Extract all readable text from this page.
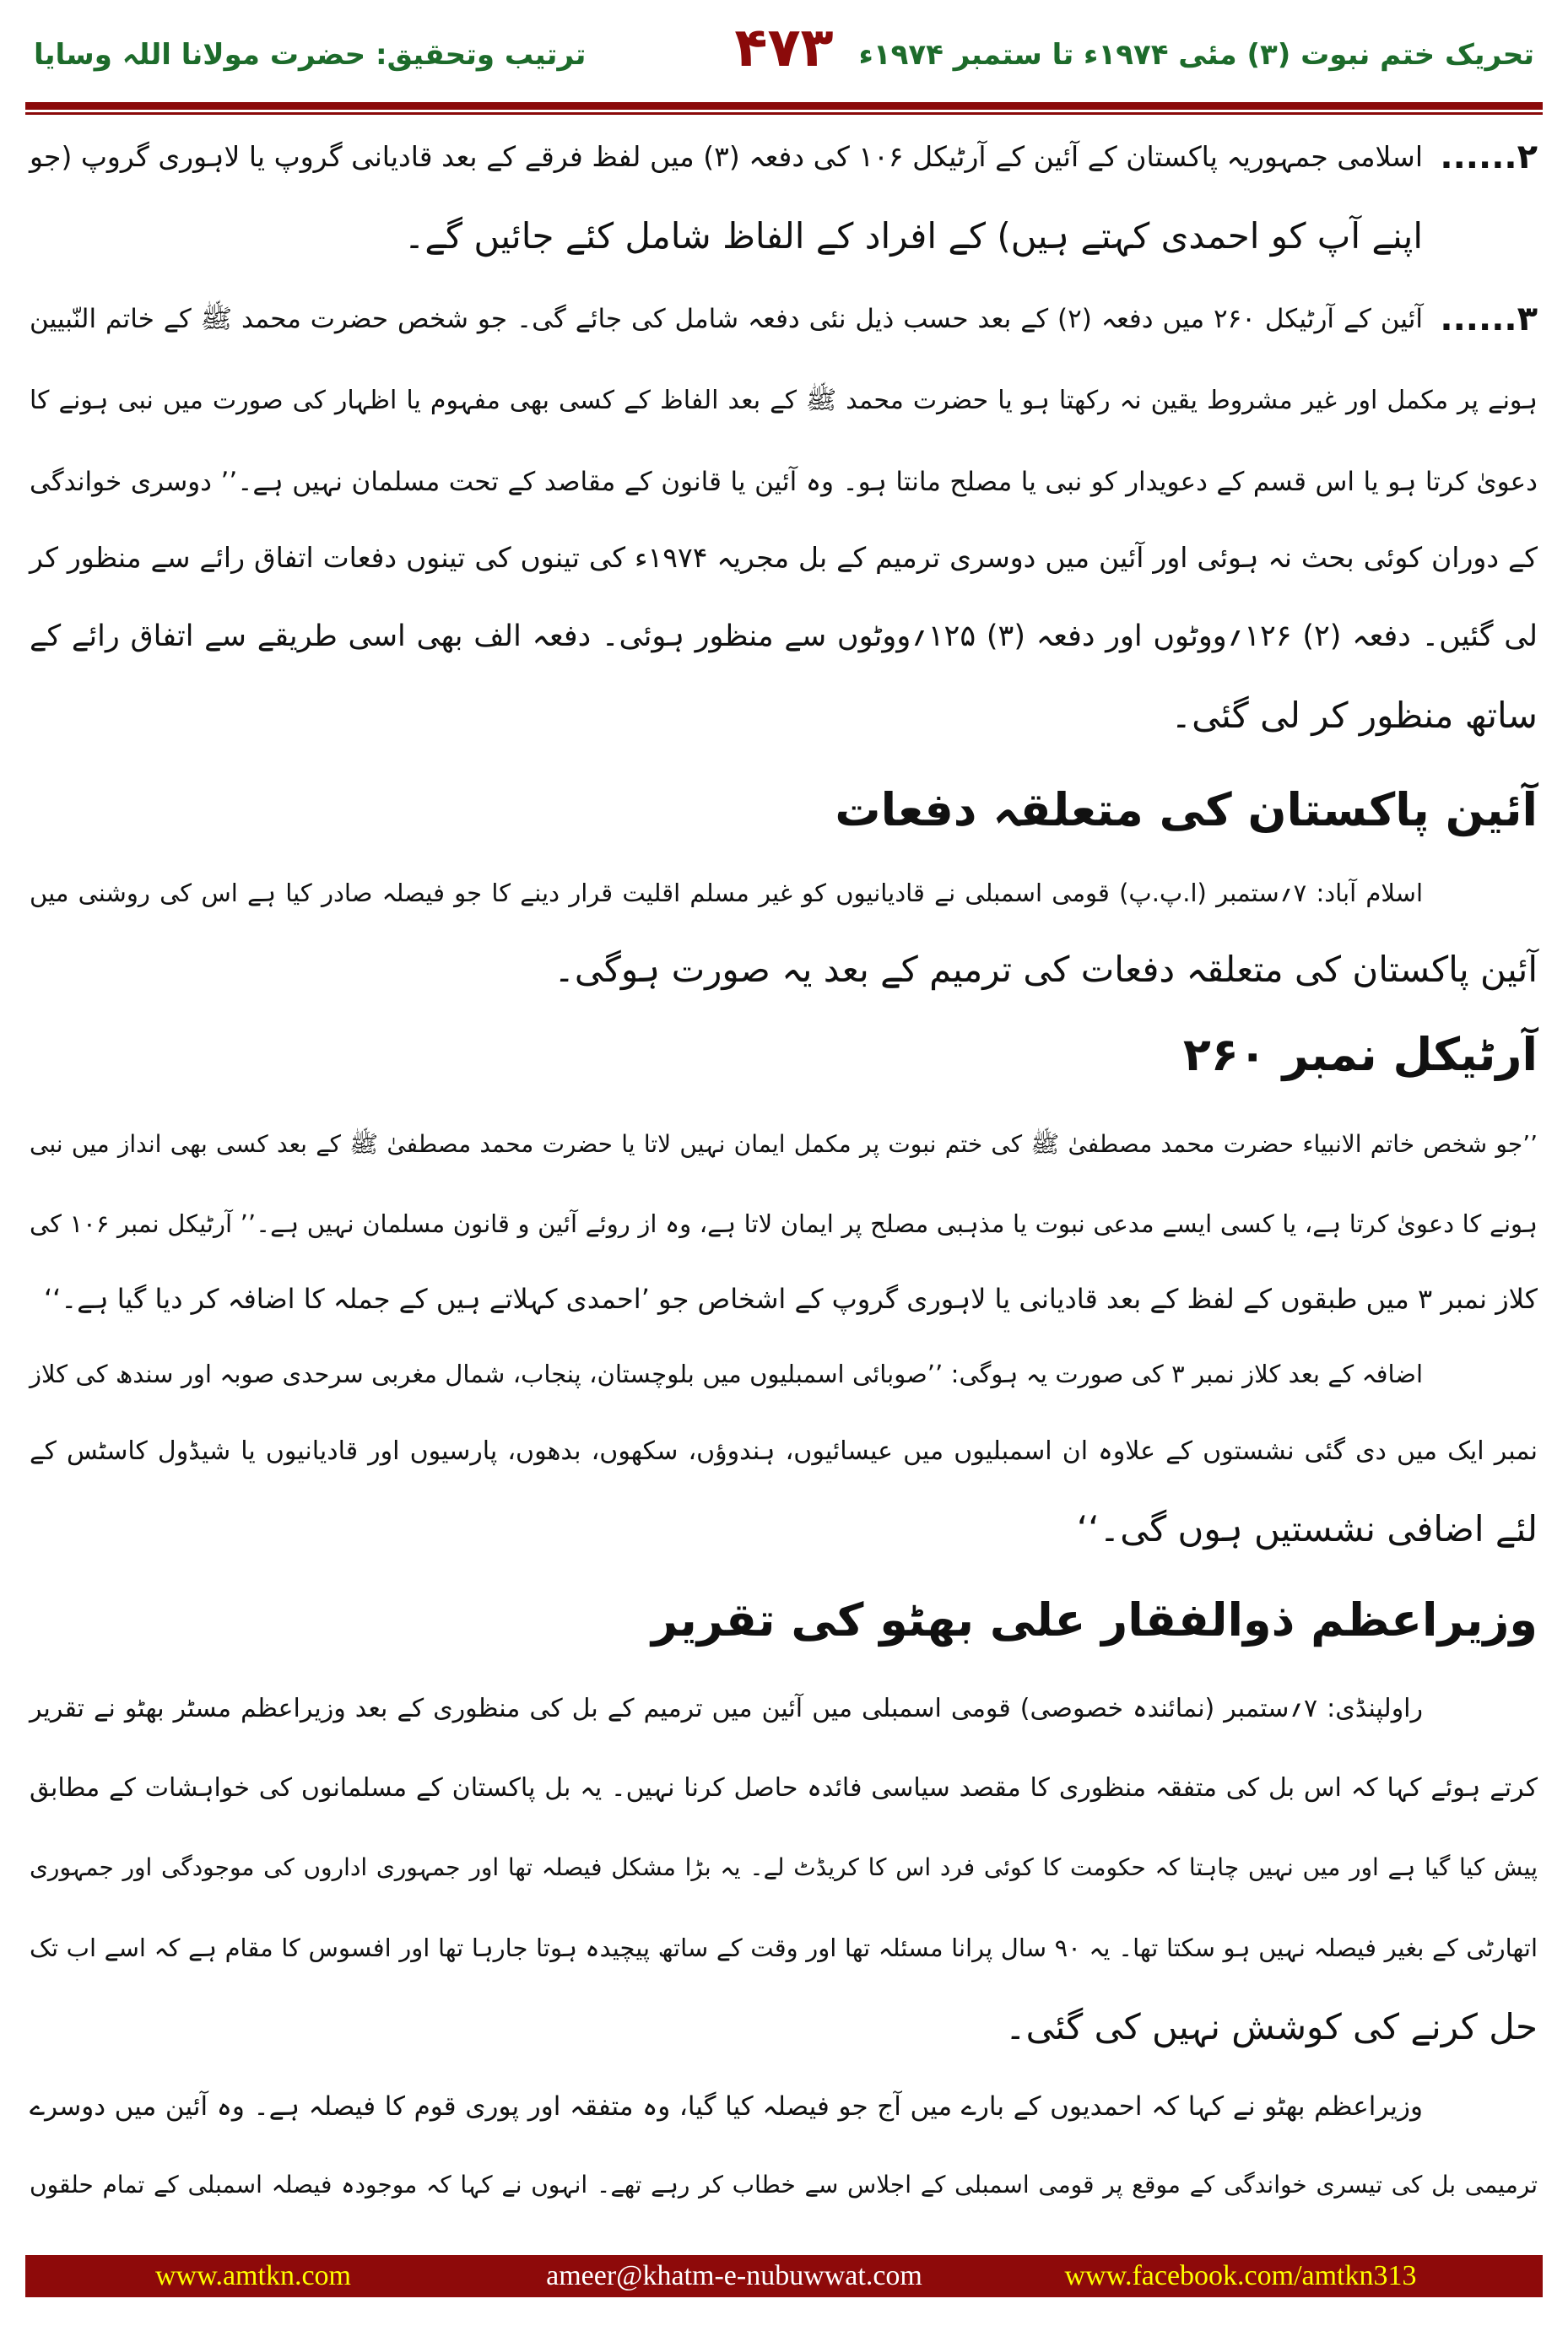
تحریک ختم نبوت (۳) مئی ۱۹۷۴ء تا ستمبر ۱۹۷۴ء
۴۷۳
ترتیب وتحقیق: حضرت مولانا اللہ وسایا
۲......
اسلامی جمہوریہ پاکستان کے آئین کے آرٹیکل ۱۰۶ کی دفعہ (۳) میں لفظ فرقے کے بعد قادیانی گروپ یا لاہوری گروپ (جو
اپنے آپ کو احمدی کہتے ہیں) کے افراد کے الفاظ شامل کئے جائیں گے۔
۳......
آئین کے آرٹیکل ۲۶۰ میں دفعہ (۲) کے بعد حسب ذیل نئی دفعہ شامل کی جائے گی۔ جو شخص حضرت محمد ﷺ کے خاتم النّبیین
ہونے پر مکمل اور غیر مشروط یقین نہ رکھتا ہو یا حضرت محمد ﷺ کے بعد الفاظ کے کسی بھی مفہوم یا اظہار کی صورت میں نبی ہونے کا
دعویٰ کرتا ہو یا اس قسم کے دعویدار کو نبی یا مصلح مانتا ہو۔ وہ آئین یا قانون کے مقاصد کے تحت مسلمان نہیں ہے۔’’ دوسری خواندگی
کے دوران کوئی بحث نہ ہوئی اور آئین میں دوسری ترمیم کے بل مجریہ ۱۹۷۴ء کی تینوں کی تینوں دفعات اتفاق رائے سے منظور کر
لی گئیں۔ دفعہ (۲) ۱۲۶؍ووٹوں اور دفعہ (۳) ۱۲۵؍ووٹوں سے منظور ہوئی۔ دفعہ الف بھی اسی طریقے سے اتفاق رائے کے
ساتھ منظور کر لی گئی۔
آئین پاکستان کی متعلقہ دفعات
اسلام آباد: ۷؍ستمبر (ا.پ.پ) قومی اسمبلی نے قادیانیوں کو غیر مسلم اقلیت قرار دینے کا جو فیصلہ صادر کیا ہے اس کی روشنی میں
آئین پاکستان کی متعلقہ دفعات کی ترمیم کے بعد یہ صورت ہوگی۔
آرٹیکل نمبر ۲۶۰
’’جو شخص خاتم الانبیاء حضرت محمد مصطفیٰ ﷺ کی ختم نبوت پر مکمل ایمان نہیں لاتا یا حضرت محمد مصطفیٰ ﷺ کے بعد کسی بھی انداز میں نبی
ہونے کا دعویٰ کرتا ہے، یا کسی ایسے مدعی نبوت یا مذہبی مصلح پر ایمان لاتا ہے، وہ از روئے آئین و قانون مسلمان نہیں ہے۔’’ آرٹیکل نمبر ۱۰۶ کی
کلاز نمبر ۳ میں طبقوں کے لفظ کے بعد قادیانی یا لاہوری گروپ کے اشخاص جو ’احمدی کہلاتے ہیں کے جملہ کا اضافہ کر دیا گیا ہے۔‘‘
اضافہ کے بعد کلاز نمبر ۳ کی صورت یہ ہوگی: ’’صوبائی اسمبلیوں میں بلوچستان، پنجاب، شمال مغربی سرحدی صوبہ اور سندھ کی کلاز
نمبر ایک میں دی گئی نشستوں کے علاوہ ان اسمبلیوں میں عیسائیوں، ہندوؤں، سکھوں، بدھوں، پارسیوں اور قادیانیوں یا شیڈول کاسٹس کے
لئے اضافی نشستیں ہوں گی۔‘‘
وزیراعظم ذوالفقار علی بھٹو کی تقریر
راولپنڈی: ۷؍ستمبر (نمائندہ خصوصی) قومی اسمبلی میں آئین میں ترمیم کے بل کی منظوری کے بعد وزیراعظم مسٹر بھٹو نے تقریر
کرتے ہوئے کہا کہ اس بل کی متفقہ منظوری کا مقصد سیاسی فائدہ حاصل کرنا نہیں۔ یہ بل پاکستان کے مسلمانوں کی خواہشات کے مطابق
پیش کیا گیا ہے اور میں نہیں چاہتا کہ حکومت کا کوئی فرد اس کا کریڈٹ لے۔ یہ بڑا مشکل فیصلہ تھا اور جمہوری اداروں کی موجودگی اور جمہوری
اتھارٹی کے بغیر فیصلہ نہیں ہو سکتا تھا۔ یہ ۹۰ سال پرانا مسئلہ تھا اور وقت کے ساتھ پیچیدہ ہوتا جارہا تھا اور افسوس کا مقام ہے کہ اسے اب تک
حل کرنے کی کوشش نہیں کی گئی۔
وزیراعظم بھٹو نے کہا کہ احمدیوں کے بارے میں آج جو فیصلہ کیا گیا، وہ متفقہ اور پوری قوم کا فیصلہ ہے۔ وہ آئین میں دوسرے
ترمیمی بل کی تیسری خواندگی کے موقع پر قومی اسمبلی کے اجلاس سے خطاب کر رہے تھے۔ انہوں نے کہا کہ موجودہ فیصلہ اسمبلی کے تمام حلقوں
www.amtkn.com	ameer@khatm-e-nubuwwat.com	www.facebook.com/amtkn313
